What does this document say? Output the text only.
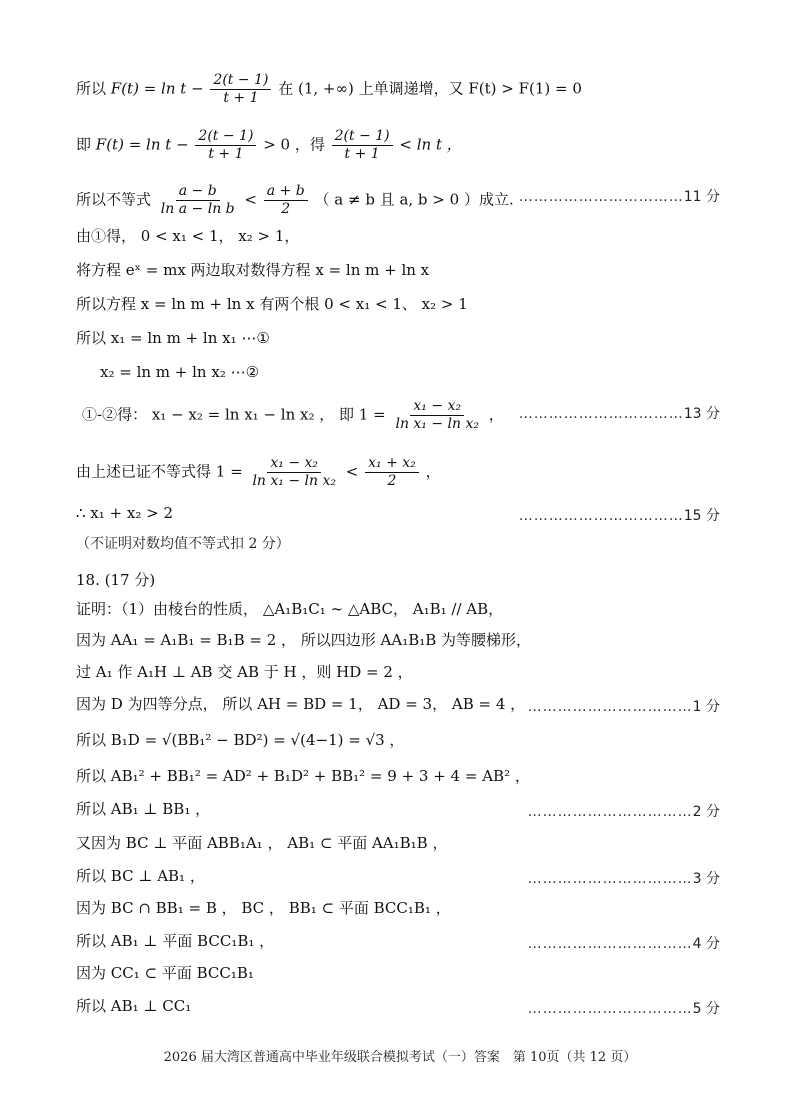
所以 $F(t) = \ln t - \frac{2(t - 1)}{t + 1}$ 在 (1, +∞) 上单调递增，又 F(t) > F(1) = 0
即 $F(t) = \ln t - \frac{2(t - 1)}{t + 1} > 0$ ，得 $\frac{2(t - 1)}{t + 1} < \ln t$ ，
所以不等式 $\frac{a - b}{\text{ln a − ln b}} < \frac{a + b}{2}$ （ a ≠ b 且 a, b > 0 ）成立. ……………………………11 分
由①得， 0 < x₁ < 1， x₂ > 1，
将方程 eˣ = mx 两边取对数得方程 x = ln m + ln x
所以方程 x = ln m + ln x 有两个根 0 < x₁ < 1、 x₂ > 1
所以 x₁ = ln m + ln x₁ ⋯①
x₂ = ln m + ln x₂ ⋯②
①-②得： x₁ − x₂ = ln x₁ − ln x₂ ， 即 $1 = \frac{\text{x₁ − x₂}}{\text{ln x₁ − ln x₂}}$ ， ……………………………13 分
由上述已证不等式得 $1 = \frac{\text{x₁ − x₂}}{\text{ln x₁ − ln x₂}} < \frac{\text{x₁ + x₂}}{2}$ ，
∴ x₁ + x₂ > 2	……………………………15 分
（不证明对数均值不等式扣 2 分）
18. (17 分)
证明：（1）由棱台的性质， △A₁B₁C₁ ∼ △ABC， A₁B₁ // AB，
因为 AA₁ = A₁B₁ = B₁B = 2 ， 所以四边形 AA₁B₁B 为等腰梯形，
过 A₁ 作 A₁H ⊥ AB 交 AB 于 H ，则 HD = 2 ，
因为 D 为四等分点， 所以 AH = BD = 1， AD = 3， AB = 4 ， ……………………………1 分
所以 B₁D = √(BB₁² − BD²) = √(4−1) = √3 ，
所以 AB₁² + BB₁² = AD² + B₁D² + BB₁² = 9 + 3 + 4 = AB² ，
所以 AB₁ ⊥ BB₁ ，	……………………………2 分
又因为 BC ⊥ 平面 ABB₁A₁ ， AB₁ ⊂ 平面 AA₁B₁B ，
所以 BC ⊥ AB₁ ，	……………………………3 分
因为 BC ∩ BB₁ = B ， BC ， BB₁ ⊂ 平面 BCC₁B₁ ，
所以 AB₁ ⊥ 平面 BCC₁B₁ ，	……………………………4 分
因为 CC₁ ⊂ 平面 BCC₁B₁
所以 AB₁ ⊥ CC₁	……………………………5 分
2026 届大湾区普通高中毕业年级联合模拟考试（一）答案　第 10页（共 12 页）
